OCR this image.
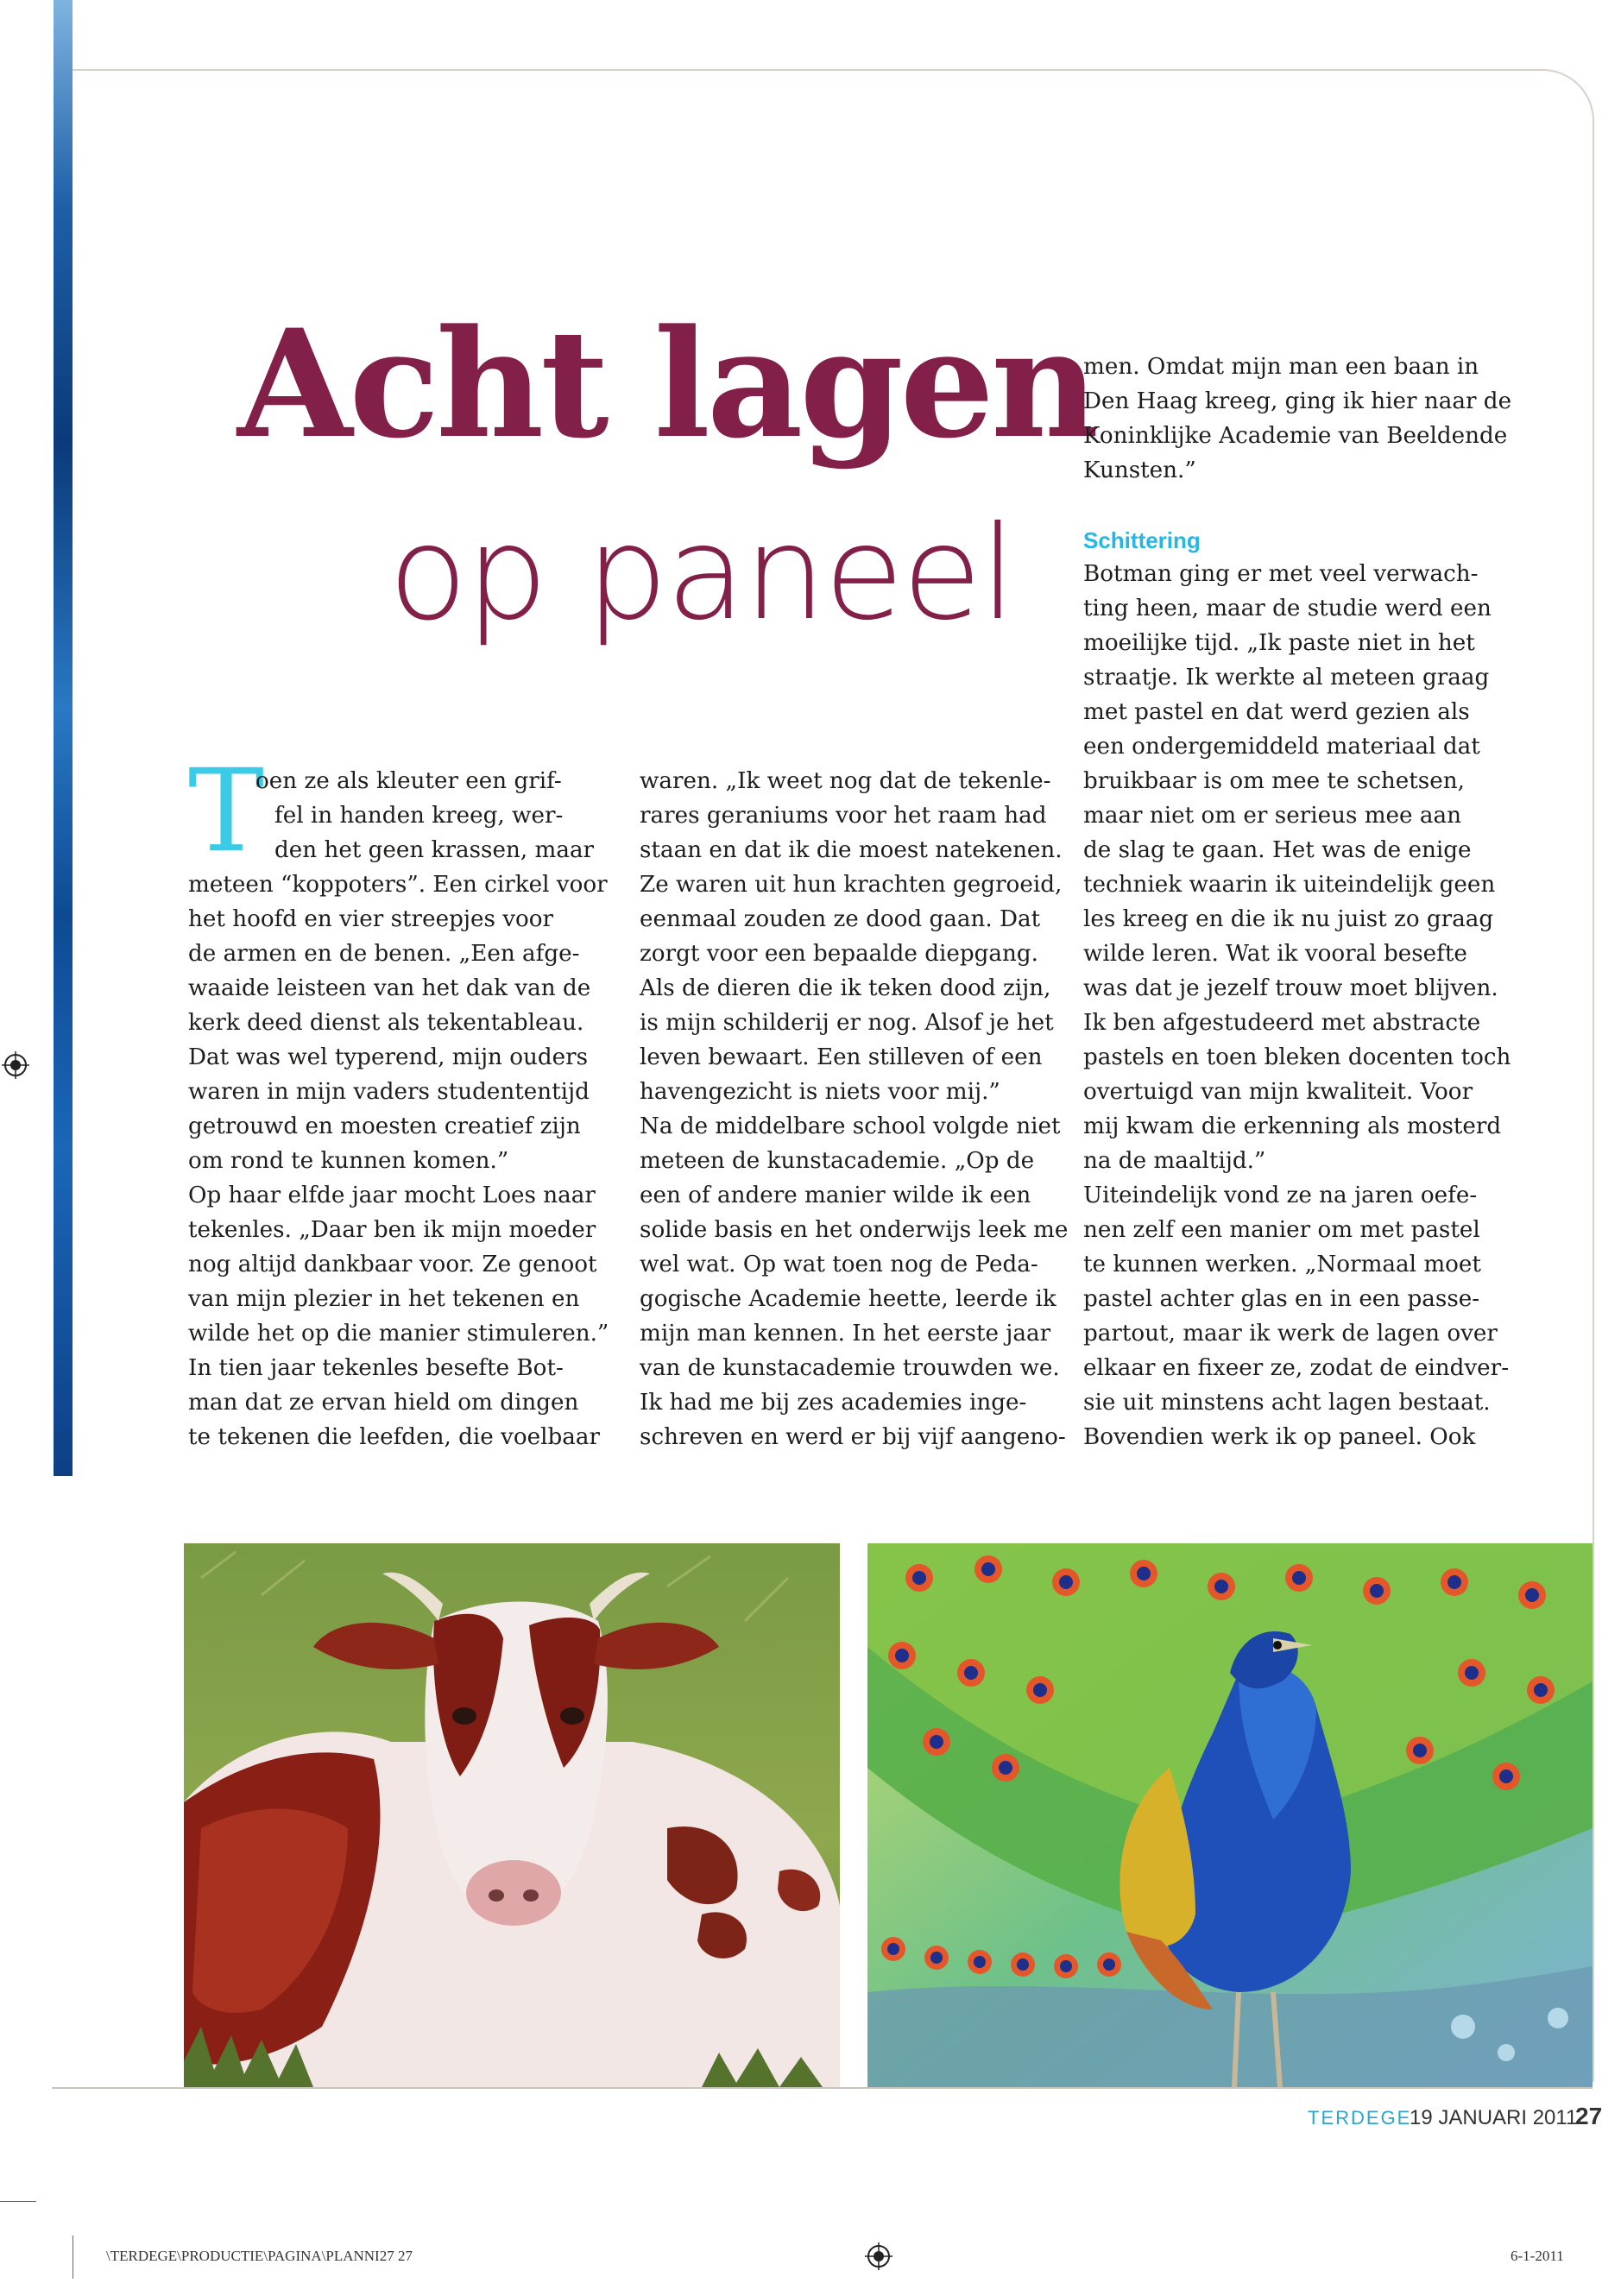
Acht lagen
op paneel
T
oen ze als kleuter een grif-
fel in handen kreeg, wer-
den het geen krassen, maar
meteen “koppoters”. Een cirkel voor
het hoofd en vier streepjes voor
de armen en de benen. „Een afge-
waaide leisteen van het dak van de
kerk deed dienst als tekentableau.
Dat was wel typerend, mijn ouders
waren in mijn vaders studententijd
getrouwd en moesten creatief zijn
om rond te kunnen komen.”
Op haar elfde jaar mocht Loes naar
tekenles. „Daar ben ik mijn moeder
nog altijd dankbaar voor. Ze genoot
van mijn plezier in het tekenen en
wilde het op die manier stimuleren.”
In tien jaar tekenles besefte Bot-
man dat ze ervan hield om dingen
te tekenen die leefden, die voelbaar
waren. „Ik weet nog dat de tekenle-
rares geraniums voor het raam had
staan en dat ik die moest natekenen.
Ze waren uit hun krachten gegroeid,
eenmaal zouden ze dood gaan. Dat
zorgt voor een bepaalde diepgang.
Als de dieren die ik teken dood zijn,
is mijn schilderij er nog. Alsof je het
leven bewaart. Een stilleven of een
havengezicht is niets voor mij.”
Na de middelbare school volgde niet
meteen de kunstacademie. „Op de
een of andere manier wilde ik een
solide basis en het onderwijs leek me
wel wat. Op wat toen nog de Peda-
gogische Academie heette, leerde ik
mijn man kennen. In het eerste jaar
van de kunstacademie trouwden we.
Ik had me bij zes academies inge-
schreven en werd er bij vijf aangeno-
men. Omdat mijn man een baan in
Den Haag kreeg, ging ik hier naar de
Koninklijke Academie van Beeldende
Kunsten.”
Schittering
Botman ging er met veel verwach-
ting heen, maar de studie werd een
moeilijke tijd. „Ik paste niet in het
straatje. Ik werkte al meteen graag
met pastel en dat werd gezien als
een ondergemiddeld materiaal dat
bruikbaar is om mee te schetsen,
maar niet om er serieus mee aan
de slag te gaan. Het was de enige
techniek waarin ik uiteindelijk geen
les kreeg en die ik nu juist zo graag
wilde leren. Wat ik vooral besefte
was dat je jezelf trouw moet blijven.
Ik ben afgestudeerd met abstracte
pastels en toen bleken docenten toch
overtuigd van mijn kwaliteit. Voor
mij kwam die erkenning als mosterd
na de maaltijd.”
Uiteindelijk vond ze na jaren oefe-
nen zelf een manier om met pastel
te kunnen werken. „Normaal moet
pastel achter glas en in een passe-
partout, maar ik werk de lagen over
elkaar en fixeer ze, zodat de eindver-
sie uit minstens acht lagen bestaat.
Bovendien werk ik op paneel. Ook
TERDEGE
19 JANUARI 2011
27
\TERDEGE\PRODUCTIE\PAGINA\PLANNI27 27	6-1-2011
